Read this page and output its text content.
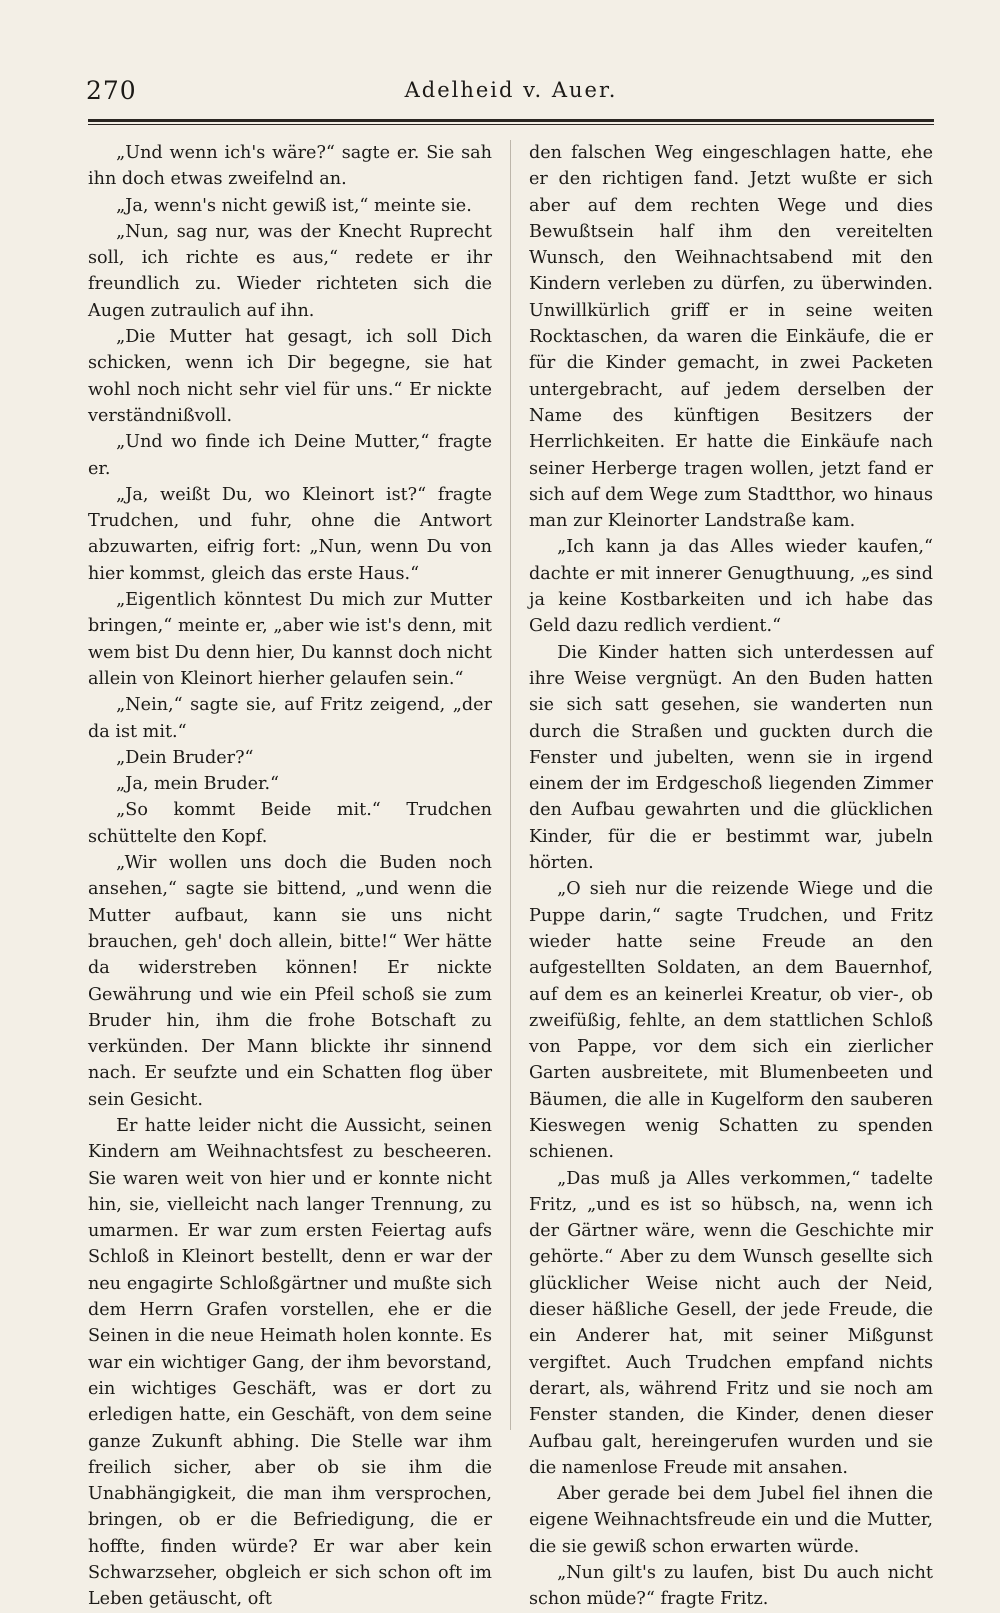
270	Adelheid v. Auer.

„Und wenn ich's wäre?“ sagte er. Sie sah ihn doch etwas zweifelnd an.

„Ja, wenn's nicht gewiß ist,“ meinte sie.

„Nun, sag nur, was der Knecht Ruprecht soll, ich richte es aus,“ redete er ihr freundlich zu. Wieder richteten sich die Augen zutraulich auf ihn.

„Die Mutter hat gesagt, ich soll Dich schicken, wenn ich Dir begegne, sie hat wohl noch nicht sehr viel für uns.“ Er nickte verständnißvoll.

„Und wo finde ich Deine Mutter,“ fragte er.

„Ja, weißt Du, wo Kleinort ist?“ fragte Trudchen, und fuhr, ohne die Antwort abzuwarten, eifrig fort: „Nun, wenn Du von hier kommst, gleich das erste Haus.“

„Eigentlich könntest Du mich zur Mutter bringen,“ meinte er, „aber wie ist's denn, mit wem bist Du denn hier, Du kannst doch nicht allein von Kleinort hierher gelaufen sein.“

„Nein,“ sagte sie, auf Fritz zeigend, „der da ist mit.“

„Dein Bruder?“

„Ja, mein Bruder.“

„So kommt Beide mit.“ Trudchen schüttelte den Kopf.

„Wir wollen uns doch die Buden noch ansehen,“ sagte sie bittend, „und wenn die Mutter aufbaut, kann sie uns nicht brauchen, geh' doch allein, bitte!“ Wer hätte da widerstreben können! Er nickte Gewährung und wie ein Pfeil schoß sie zum Bruder hin, ihm die frohe Botschaft zu verkünden. Der Mann blickte ihr sinnend nach. Er seufzte und ein Schatten flog über sein Gesicht.

Er hatte leider nicht die Aussicht, seinen Kindern am Weihnachtsfest zu bescheeren. Sie waren weit von hier und er konnte nicht hin, sie, vielleicht nach langer Trennung, zu umarmen. Er war zum ersten Feiertag aufs Schloß in Kleinort bestellt, denn er war der neu engagirte Schloßgärtner und mußte sich dem Herrn Grafen vorstellen, ehe er die Seinen in die neue Heimath holen konnte. Es war ein wichtiger Gang, der ihm bevorstand, ein wichtiges Geschäft, was er dort zu erledigen hatte, ein Geschäft, von dem seine ganze Zukunft abhing. Die Stelle war ihm freilich sicher, aber ob sie ihm die Unabhängigkeit, die man ihm versprochen, bringen, ob er die Befriedigung, die er hoffte, finden würde? Er war aber kein Schwarzseher, obgleich er sich schon oft im Leben getäuscht, oft

den falschen Weg eingeschlagen hatte, ehe er den richtigen fand. Jetzt wußte er sich aber auf dem rechten Wege und dies Bewußtsein half ihm den vereitelten Wunsch, den Weihnachtsabend mit den Kindern verleben zu dürfen, zu überwinden. Unwillkürlich griff er in seine weiten Rocktaschen, da waren die Einkäufe, die er für die Kinder gemacht, in zwei Packeten untergebracht, auf jedem derselben der Name des künftigen Besitzers der Herrlichkeiten. Er hatte die Einkäufe nach seiner Herberge tragen wollen, jetzt fand er sich auf dem Wege zum Stadtthor, wo hinaus man zur Kleinorter Landstraße kam.

„Ich kann ja das Alles wieder kaufen,“ dachte er mit innerer Genugthuung, „es sind ja keine Kostbarkeiten und ich habe das Geld dazu redlich verdient.“

Die Kinder hatten sich unterdessen auf ihre Weise vergnügt. An den Buden hatten sie sich satt gesehen, sie wanderten nun durch die Straßen und guckten durch die Fenster und jubelten, wenn sie in irgend einem der im Erdgeschoß liegenden Zimmer den Aufbau gewahrten und die glücklichen Kinder, für die er bestimmt war, jubeln hörten.

„O sieh nur die reizende Wiege und die Puppe darin,“ sagte Trudchen, und Fritz wieder hatte seine Freude an den aufgestellten Soldaten, an dem Bauernhof, auf dem es an keinerlei Kreatur, ob vier-, ob zweifüßig, fehlte, an dem stattlichen Schloß von Pappe, vor dem sich ein zierlicher Garten ausbreitete, mit Blumenbeeten und Bäumen, die alle in Kugelform den sauberen Kieswegen wenig Schatten zu spenden schienen.

„Das muß ja Alles verkommen,“ tadelte Fritz, „und es ist so hübsch, na, wenn ich der Gärtner wäre, wenn die Geschichte mir gehörte.“ Aber zu dem Wunsch gesellte sich glücklicher Weise nicht auch der Neid, dieser häßliche Gesell, der jede Freude, die ein Anderer hat, mit seiner Mißgunst vergiftet. Auch Trudchen empfand nichts derart, als, während Fritz und sie noch am Fenster standen, die Kinder, denen dieser Aufbau galt, hereingerufen wurden und sie die namenlose Freude mit ansahen.

Aber gerade bei dem Jubel fiel ihnen die eigene Weihnachtsfreude ein und die Mutter, die sie gewiß schon erwarten würde.

„Nun gilt's zu laufen, bist Du auch nicht schon müde?“ fragte Fritz.
